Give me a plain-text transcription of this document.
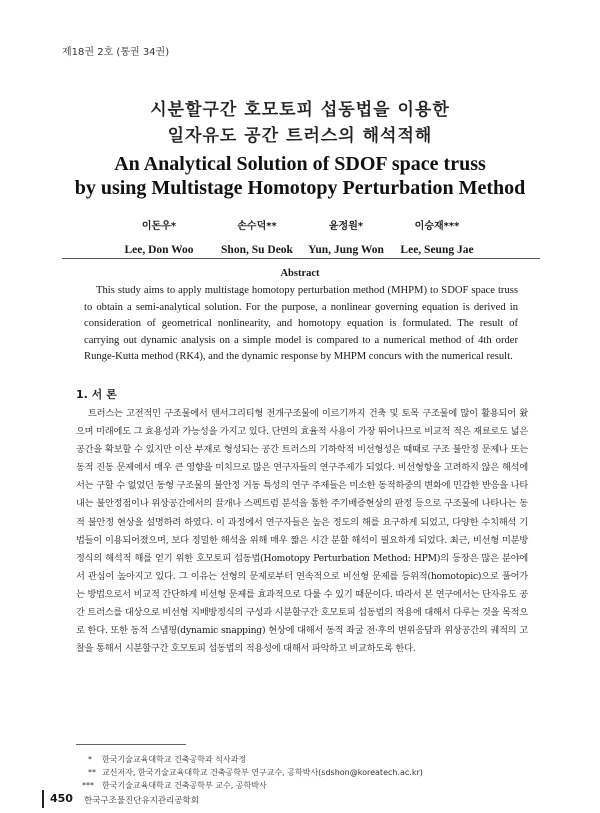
제18권 2호 (통권 34권)
시분할구간 호모토피 섭동법을 이용한
일자유도 공간 트러스의 해석적해
An Analytical Solution of SDOF space truss
by using Multistage Homotopy Perturbation Method
이돈우*
Lee, Don Woo
손수덕**
Shon, Su Deok
윤정원*
Yun, Jung Won
이승재***
Lee, Seung Jae
Abstract
This study aims to apply multistage homotopy perturbation method (MHPM) to SDOF space truss to obtain a semi-analytical solution. For the purpose, a nonlinear governing equation is derived in consideration of geometrical nonlinearity, and homotopy equation is formulated. The result of carrying out dynamic analysis on a simple model is compared to a numerical method of 4th order Runge-Kutta method (RK4), and the dynamic response by MHPM concurs with the numerical result.
1. 서 론
트러스는 고전적인 구조물에서 텐서그리티형 전개구조물에 이르기까지 건축 및 토목 구조물에 많이 활용되어 왔으며 미래에도 그 효용성과 가능성을 가지고 있다. 단면의 효율적 사용이 가장 뛰어나므로 비교적 적은 재료로도 넓은 공간을 확보할 수 있지만 이산 부재로 형성되는 공간 트러스의 기하학적 비선형성은 때때로 구조 불안정 문제나 또는 동적 진동 문제에서 매우 큰 영향을 미치므로 많은 연구자들의 연구주제가 되었다. 비선형항을 고려하지 않은 해석에서는 구할 수 없었던 동형 구조물의 불안정 거동 특성의 연구 주제들은 미소한 동적하중의 변화에 민감한 반응을 나타내는 불안정점이나 위상공간에서의 끌개나 스펙트럼 분석을 통한 주기배증현상의 판정 등으로 구조물에 나타나는 동적 불안정 현상을 설명하려 하였다. 이 과정에서 연구자들은 높은 정도의 해를 요구하게 되었고, 다양한 수치해석 기법들이 이용되어졌으며, 보다 정밀한 해석을 위해 매우 짧은 시간 분할 해석이 필요하게 되었다. 최근, 비선형 미분방정식의 해석적 해를 얻기 위한 호모토피 섭동법(Homotopy Perturbation Method: HPM)의 등장은 많은 분야에서 관심이 높아지고 있다. 그 이유는 선형의 문제로부터 연속적으로 비선형 문제를 등위적(homotopic)으로 풀어가는 방법으로서 비교적 간단하게 비선형 문제를 효과적으로 다룰 수 있기 때문이다. 따라서 본 연구에서는 단자유도 공간 트러스를 대상으로 비선형 지배방정식의 구성과 시분할구간 호모토피 섭동법의 적용에 대해서 다루는 것을 목적으로 한다. 또한 동적 스냅핑(dynamic snapping) 현상에 대해서 동적 좌굴 전·후의 변위응답과 위상공간의 궤적의 고찰을 통해서 시분할구간 호모토피 섭동법의 적용성에 대해서 파악하고 비교하도록 한다.
* 한국기술교육대학교 건축공학과 석사과정
** 교신저자, 한국기술교육대학교 건축공학부 연구교수, 공학박사(sdshon@koreatech.ac.kr)
*** 한국기술교육대학교 건축공학부 교수, 공학박사
450 한국구조물진단유지관리공학회
